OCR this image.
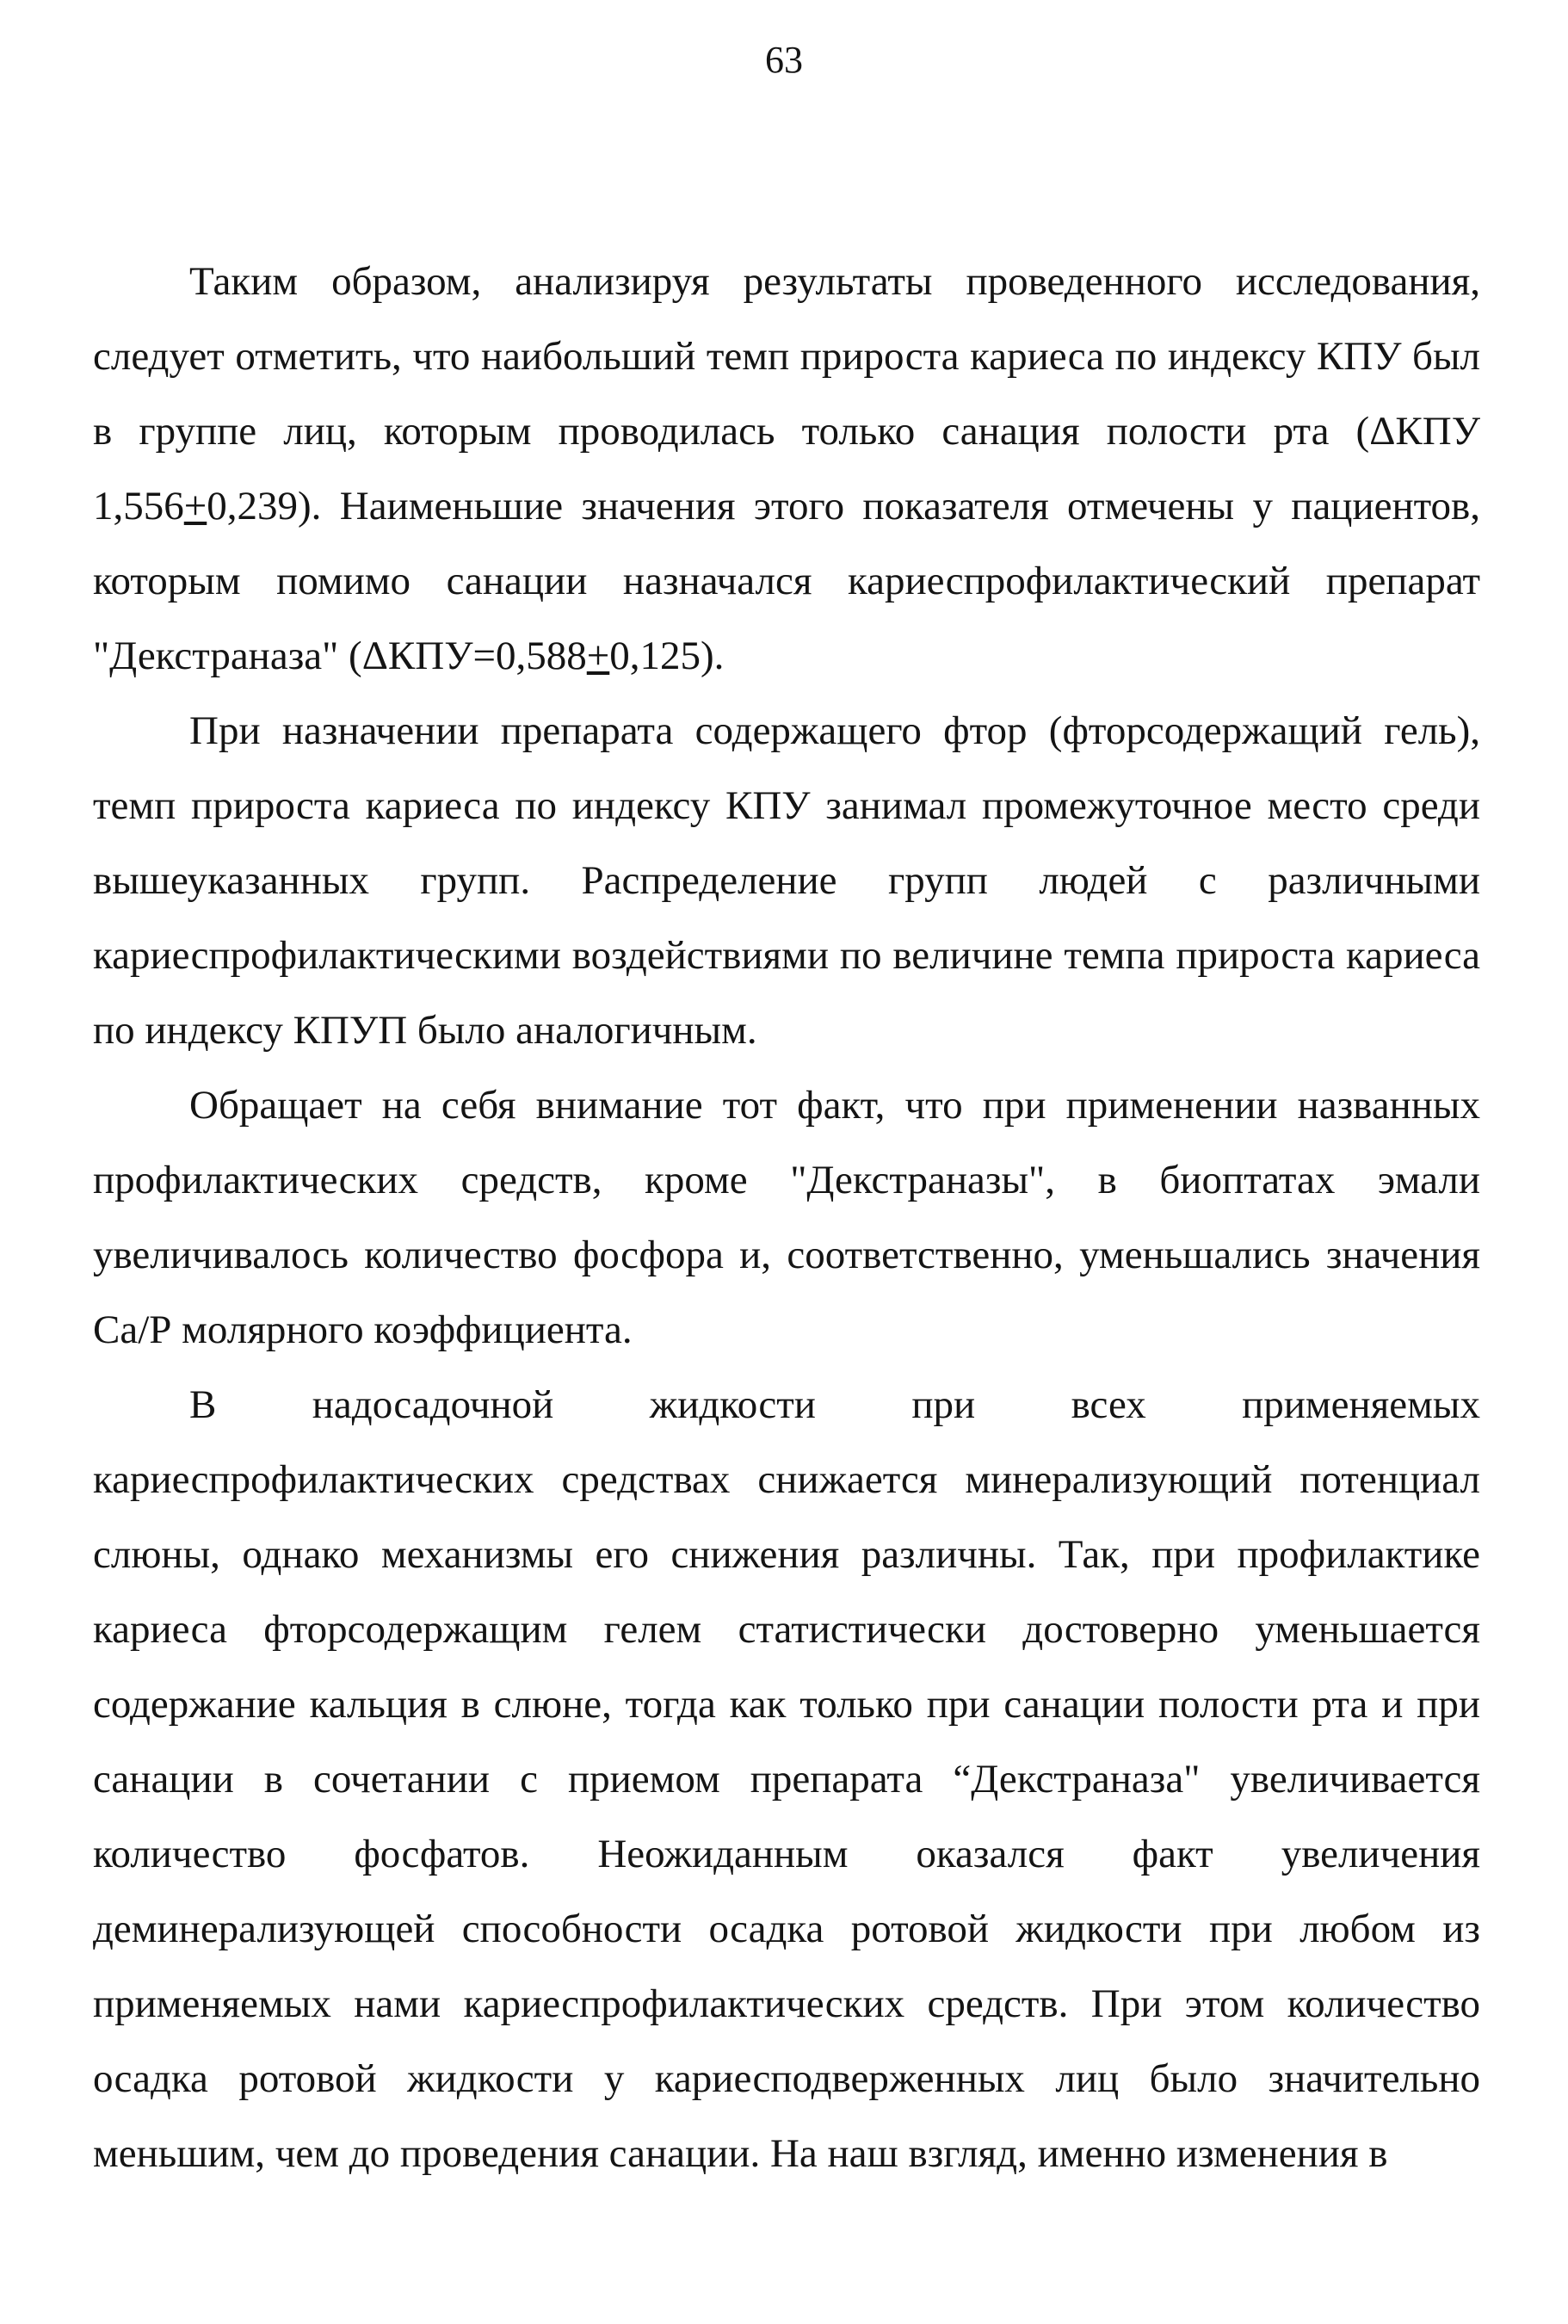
63

Таким образом, анализируя результаты проведенного исследования, следует отметить, что наибольший темп прироста кариеса по индексу КПУ был в группе лиц, которым проводилась только санация полости рта (ΔКПУ 1,556+0,239). Наименьшие значения этого показателя отмечены у пациентов, которым помимо санации назначался кариеспрофилактический препарат "Декстраназа" (ΔКПУ=0,588+0,125).

При назначении препарата содержащего фтор (фторсодержащий гель), темп прироста кариеса по индексу КПУ занимал промежуточное место среди вышеуказанных групп. Распределение групп людей с различными кариеспрофилактическими воздействиями по величине темпа прироста кариеса по индексу КПУП было аналогичным.

Обращает на себя внимание тот факт, что при применении названных профилактических средств, кроме "Декстраназы", в биоптатах эмали увеличивалось количество фосфора и, соответственно, уменьшались значения Са/Р молярного коэффициента.

В надосадочной жидкости при всех применяемых кариеспрофилактических средствах снижается минерализующий потенциал слюны, однако механизмы его снижения различны. Так, при профилактике кариеса фторсодержащим гелем статистически достоверно уменьшается содержание кальция в слюне, тогда как только при санации полости рта и при санации в сочетании с приемом препарата “Декстраназа" увеличивается количество фосфатов. Неожиданным оказался факт увеличения деминерализующей способности осадка ротовой жидкости при любом из применяемых нами кариеспрофилактических средств. При этом количество осадка ротовой жидкости у кариесподверженных лиц было значительно меньшим, чем до проведения санации. На наш взгляд, именно изменения в
